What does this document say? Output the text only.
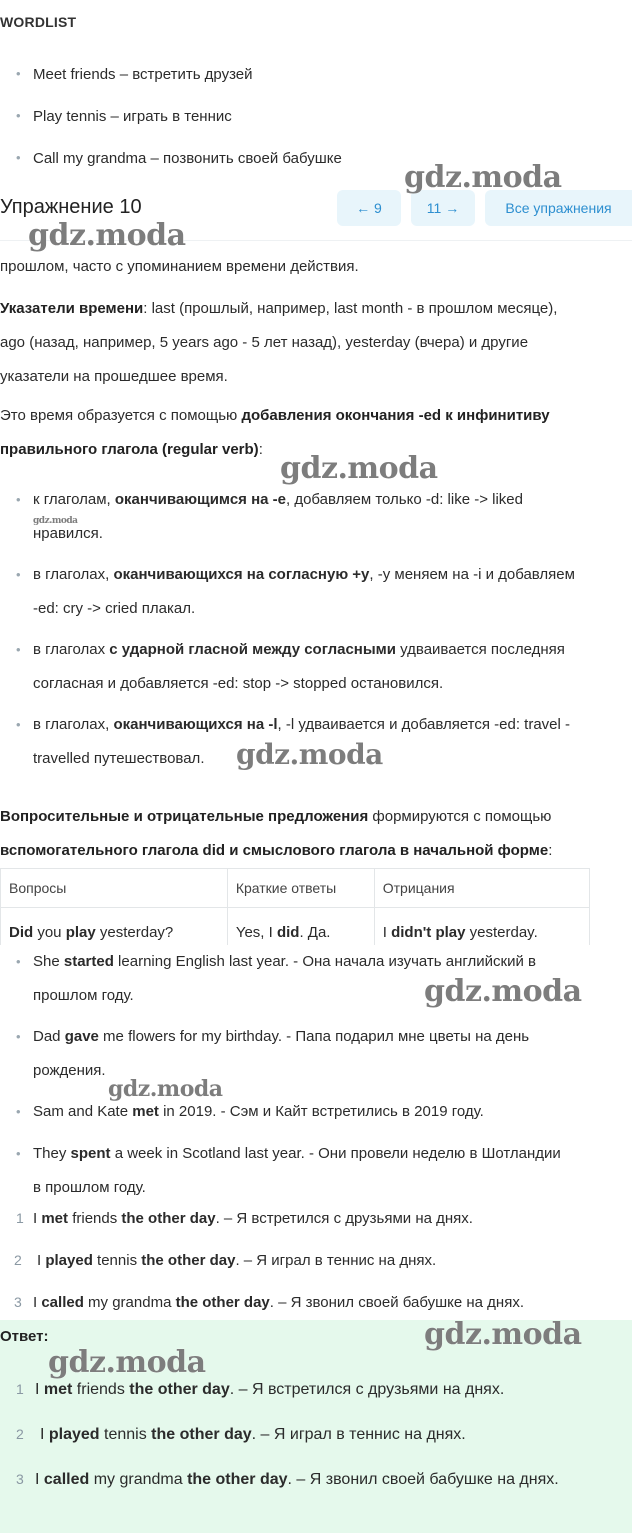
WORDLIST
Meet friends – встретить друзей
Play tennis – играть в теннис
Call my grandma – позвонить своей бабушке
прошлом, часто с упоминанием времени действия.
Указатели времени: last (прошлый, например, last month - в прошлом месяце),
ago (назад, например, 5 years ago - 5 лет назад), yesterday (вчера) и другие
указатели на прошедшее время.
Это время образуется с помощью добавления окончания -ed к инфинитиву
правильного глагола (regular verb):
• к глаголам, оканчивающимся на -e, добавляем только -d: like -> liked
нравился.
• в глаголах, оканчивающихся на согласную +y, -y меняем на -i и добавляем
-ed: cry -> cried плакал.
• в глаголах с ударной гласной между согласными удваивается последняя
согласная и добавляется -ed: stop -> stopped остановился.
• в глаголах, оканчивающихся на -l, -l удваивается и добавляется -ed: travel -
travelled путешествовал.
Вопросительные и отрицательные предложения формируются с помощью
вспомогательного глагола did и смыслового глагола в начальной форме:
Вопросы	Краткие ответы	Отрицания
Did you play yesterday?	Yes, I did. Да.	I didn't play yesterday.
• She started learning English last year. - Она начала изучать английский в
прошлом году.
• Dad gave me flowers for my birthday. - Папа подарил мне цветы на день
рождения.
• Sam and Kate met in 2019. - Сэм и Кайт встретились в 2019 году.
• They spent a week in Scotland last year. - Они провели неделю в Шотландии
в прошлом году.
1 I met friends the other day. – Я встретился с друзьями на днях.
2 I played tennis the other day. – Я играл в теннис на днях.
3 I called my grandma the other day. – Я звонил своей бабушке на днях.
Ответ:
1 I met friends the other day. – Я встретился с друзьями на днях.
2 I played tennis the other day. – Я играл в теннис на днях.
3 I called my grandma the other day. – Я звонил своей бабушке на днях.
Упражнение 10	← 9	11 →	Все упражнения
gdz.moda
gdz.moda
gdz.moda
gdz.moda
gdz.moda
gdz.moda
gdz.moda
gdz.moda
gdz.moda
